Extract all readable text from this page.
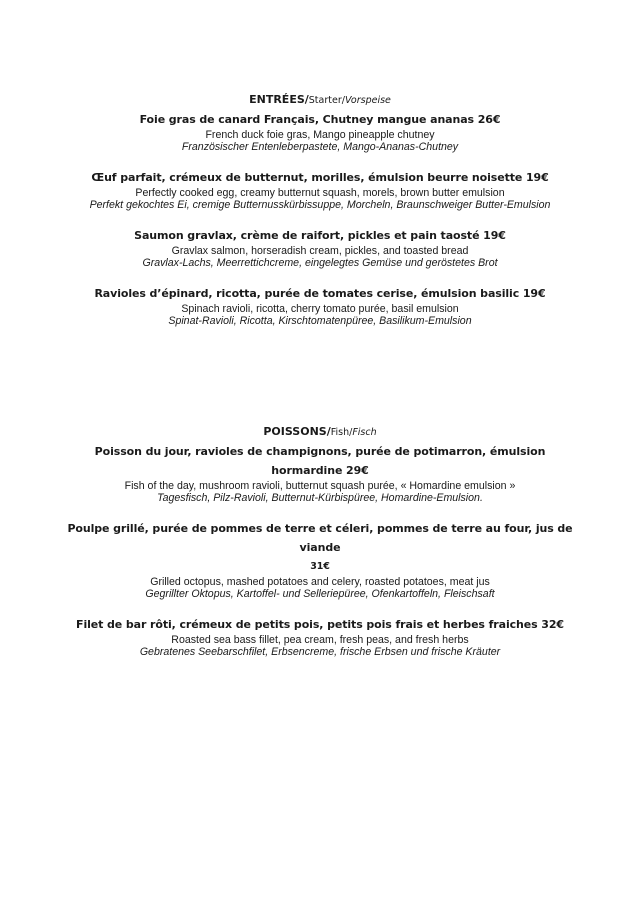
ENTRÉES/Starter/Vorspeise
Foie gras de canard Français, Chutney mangue ananas 26€
French duck foie gras, Mango pineapple chutney
Französischer Entenleberpastete, Mango-Ananas-Chutney
Œuf parfait, crémeux de butternut, morilles, émulsion beurre noisette 19€
Perfectly cooked egg, creamy butternut squash, morels, brown butter emulsion
Perfekt gekochtes Ei, cremige Butternusskürbissuppe, Morcheln, Braunschweiger Butter-Emulsion
Saumon gravlax, crème de raifort, pickles et pain taosté 19€
Gravlax salmon, horseradish cream, pickles, and toasted bread
Gravlax-Lachs, Meerrettichcreme, eingelegtes Gemüse und geröstetes Brot
Ravioles d’épinard, ricotta, purée de tomates cerise, émulsion basilic 19€
Spinach ravioli, ricotta, cherry tomato purée, basil emulsion
Spinat-Ravioli, Ricotta, Kirschtomatenpüree, Basilikum-Emulsion
POISSONS/Fish/Fisch
Poisson du jour, ravioles de champignons, purée de potimarron, émulsion hormardine 29€
Fish of the day, mushroom ravioli, butternut squash purée, « Homardine emulsion »
Tagesfisch, Pilz-Ravioli, Butternut-Kürbispüree, Homardine-Emulsion.
Poulpe grillé, purée de pommes de terre et céleri, pommes de terre au four, jus de viande
31€
Grilled octopus, mashed potatoes and celery, roasted potatoes, meat jus
Gegrillter Oktopus, Kartoffel- und Selleriepüree, Ofenkartoffeln, Fleischsaft
Filet de bar rôti, crémeux de petits pois, petits pois frais et herbes fraiches 32€
Roasted sea bass fillet, pea cream, fresh peas, and fresh herbs
Gebratenes Seebarschfilet, Erbsencreme, frische Erbsen und frische Kräuter
